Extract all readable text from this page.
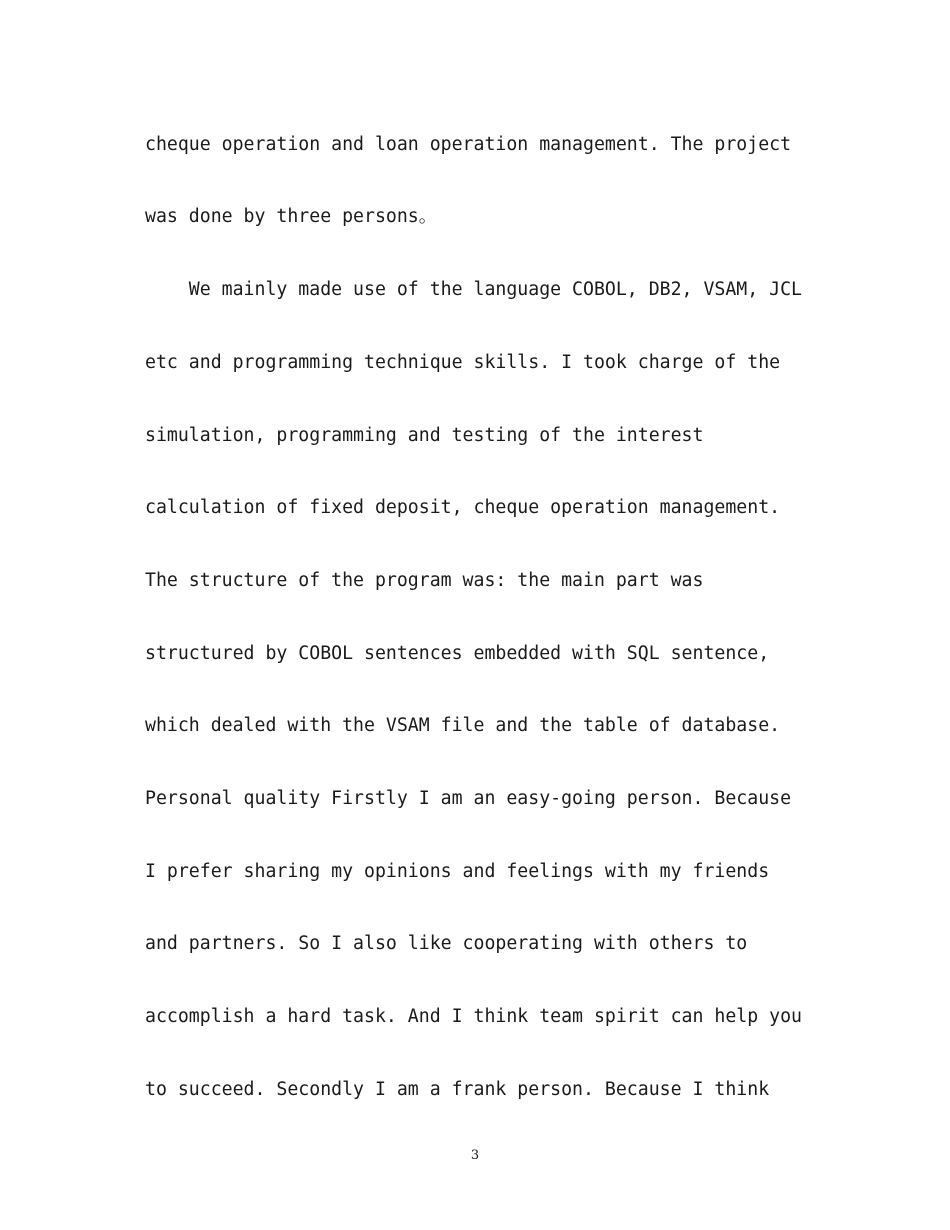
cheque operation and loan operation management. The project
was done by three persons。
We mainly made use of the language COBOL, DB2, VSAM, JCL
etc and programming technique skills. I took charge of the
simulation, programming and testing of the interest
calculation of fixed deposit, cheque operation management.
The structure of the program was: the main part was
structured by COBOL sentences embedded with SQL sentence,
which dealed with the VSAM file and the table of database.
Personal quality Firstly I am an easy-going person. Because
I prefer sharing my opinions and feelings with my friends
and partners. So I also like cooperating with others to
accomplish a hard task. And I think team spirit can help you
to succeed. Secondly I am a frank person. Because I think
3
